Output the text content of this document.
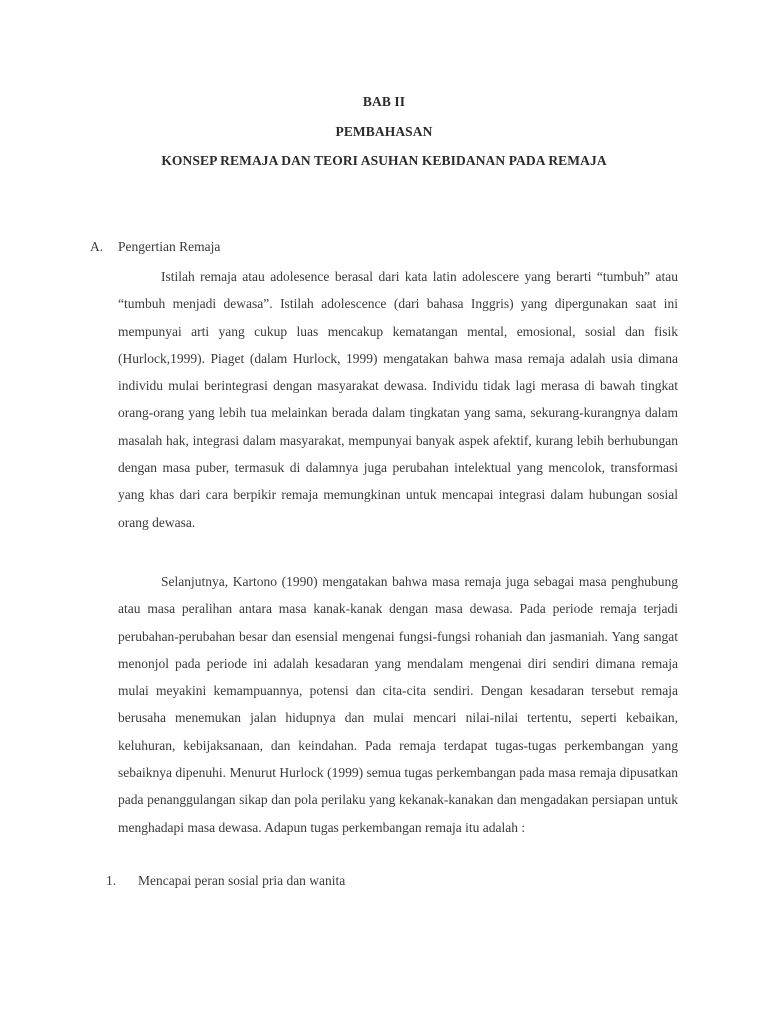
BAB II
PEMBAHASAN
KONSEP REMAJA DAN TEORI ASUHAN KEBIDANAN PADA REMAJA
A. Pengertian Remaja

Istilah remaja atau adolesence berasal dari kata latin adolescere yang berarti “tumbuh” atau “tumbuh menjadi dewasa”. Istilah adolescence (dari bahasa Inggris) yang dipergunakan saat ini mempunyai arti yang cukup luas mencakup kematangan mental, emosional, sosial dan fisik (Hurlock,1999). Piaget (dalam Hurlock, 1999) mengatakan bahwa masa remaja adalah usia dimana individu mulai berintegrasi dengan masyarakat dewasa. Individu tidak lagi merasa di bawah tingkat orang-orang yang lebih tua melainkan berada dalam tingkatan yang sama, sekurang-kurangnya dalam masalah hak, integrasi dalam masyarakat, mempunyai banyak aspek afektif, kurang lebih berhubungan dengan masa puber, termasuk di dalamnya juga perubahan intelektual yang mencolok, transformasi yang khas dari cara berpikir remaja memungkinan untuk mencapai integrasi dalam hubungan sosial orang dewasa.

Selanjutnya, Kartono (1990) mengatakan bahwa masa remaja juga sebagai masa penghubung atau masa peralihan antara masa kanak-kanak dengan masa dewasa. Pada periode remaja terjadi perubahan-perubahan besar dan esensial mengenai fungsi-fungsi rohaniah dan jasmaniah. Yang sangat menonjol pada periode ini adalah kesadaran yang mendalam mengenai diri sendiri dimana remaja mulai meyakini kemampuannya, potensi dan cita-cita sendiri. Dengan kesadaran tersebut remaja berusaha menemukan jalan hidupnya dan mulai mencari nilai-nilai tertentu, seperti kebaikan, keluhuran, kebijaksanaan, dan keindahan. Pada remaja terdapat tugas-tugas perkembangan yang sebaiknya dipenuhi. Menurut Hurlock (1999) semua tugas perkembangan pada masa remaja dipusatkan pada penanggulangan sikap dan pola perilaku yang kekanak-kanakan dan mengadakan persiapan untuk menghadapi masa dewasa. Adapun tugas perkembangan remaja itu adalah :

1. Mencapai peran sosial pria dan wanita
